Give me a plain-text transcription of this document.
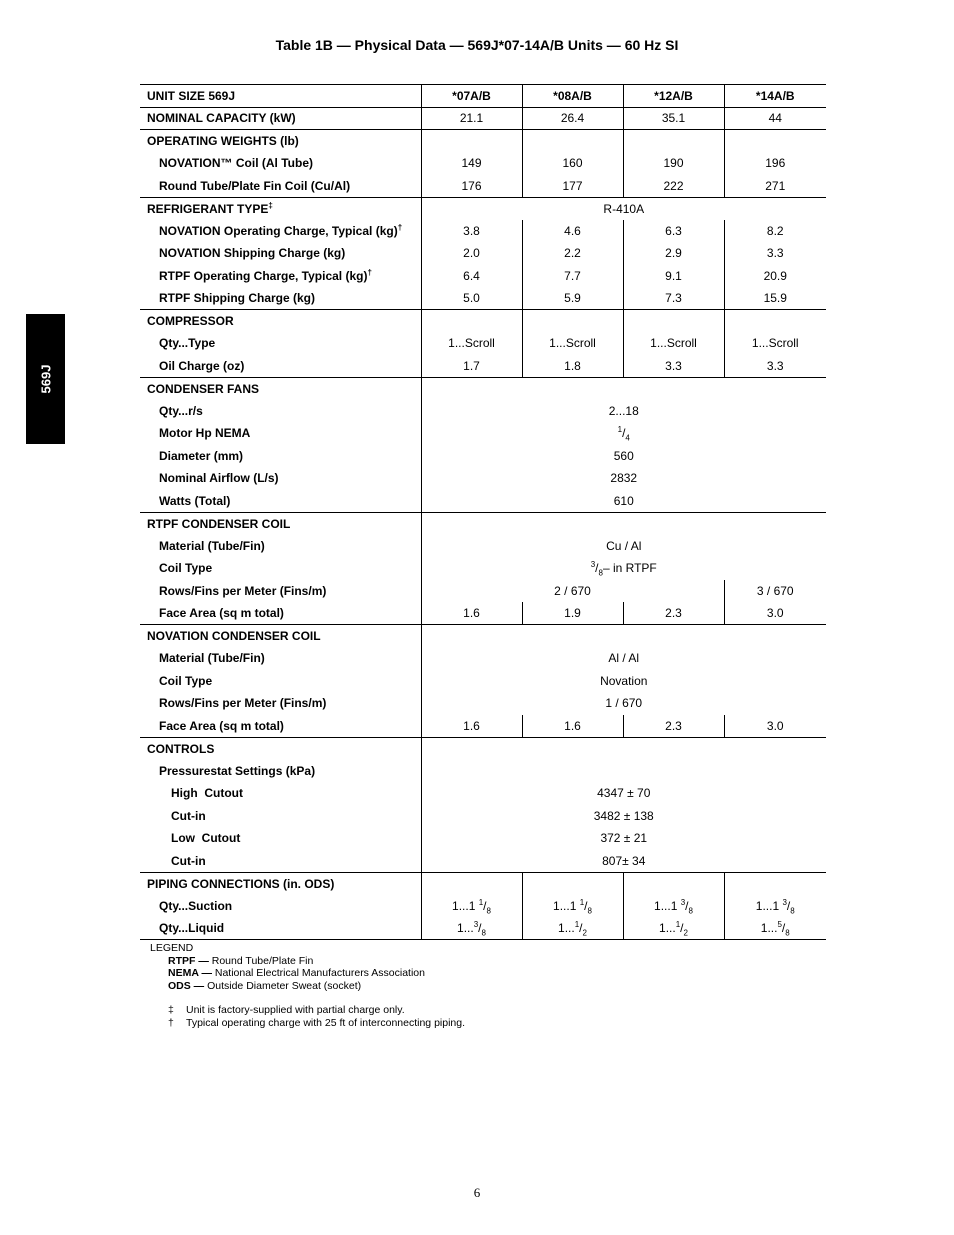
Table 1B — Physical Data — 569J*07-14A/B Units — 60 Hz SI
569J
UNIT SIZE 569J	*07A/B	*08A/B	*12A/B	*14A/B
NOMINAL CAPACITY (kW)	21.1	26.4	35.1	44
OPERATING WEIGHTS (lb)				
NOVATION™ Coil (Al Tube)	149	160	190	196
Round Tube/Plate Fin Coil (Cu/Al)	176	177	222	271
REFRIGERANT TYPE‡	R-410A			
NOVATION Operating Charge, Typical (kg)†	3.8	4.6	6.3	8.2
NOVATION Shipping Charge (kg)	2.0	2.2	2.9	3.3
RTPF Operating Charge, Typical (kg)†	6.4	7.7	9.1	20.9
RTPF Shipping Charge (kg)	5.0	5.9	7.3	15.9
COMPRESSOR				
Qty...Type	1...Scroll	1...Scroll	1...Scroll	1...Scroll
Oil Charge (oz)	1.7	1.8	3.3	3.3
CONDENSER FANS				
Qty...r/s	2...18			
Motor Hp NEMA	$^1/_4$
Diameter (mm)	560			
Nominal Airflow (L/s)	2832			
Watts (Total)	610			
RTPF CONDENSER COIL				
Material (Tube/Fin)	Cu / Al			
Coil Type	$^3/_8-$ in RTPF			
Rows/Fins per Meter (Fins/m)	2 / 670			3 / 670
Face Area (sq m total)	1.6	1.9	2.3	3.0
NOVATION CONDENSER COIL				
Material (Tube/Fin)	Al / Al			
Coil Type	Novation			
Rows/Fins per Meter (Fins/m)	1 / 670			
Face Area (sq m total)	1.6	1.6	2.3	3.0
CONTROLS				
Pressurestat Settings (kPa)				
High  Cutout	4347 ± 70			
Cut-in	3482 ± 138			
Low  Cutout	372 ± 21			
Cut-in	807± 34			
PIPING CONNECTIONS (in. ODS)				
Qty...Suction	1...1 $^1/_8$	1...1 $^1/_8$	1...1 $^3/_8$	1...1 $^3/_8$
Qty...Liquid	$1...^3/_8$	$1...^1/_2$	$1...^1/_2$	$1...^5/_8$
LEGEND
RTPF — Round Tube/Plate Fin
NEMA — National Electrical Manufacturers Association
ODS — Outside Diameter Sweat (socket)
‡	Unit is factory-supplied with partial charge only.
†	Typical operating charge with 25 ft of interconnecting piping.
6
